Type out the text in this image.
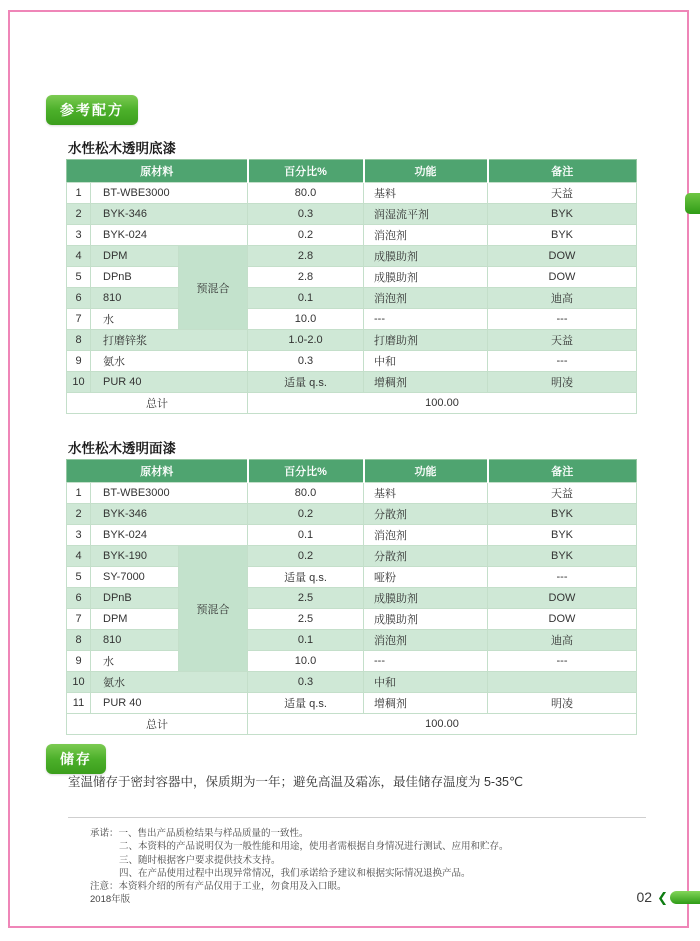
参考配方
水性松木透明底漆
原材料			百分比%	功能	备注
1	BT-WBE3000		80.0	基料	天益
2	BYK-346		0.3	润湿流平剂	BYK
3	BYK-024		0.2	消泡剂	BYK
4	DPM	预混合	2.8	成膜助剂	DOW
5	DPnB		2.8	成膜助剂	DOW
6	810		0.1	消泡剂	迪高
7	水		10.0	---	---
8	打磨锌浆		1.0-2.0	打磨助剂	天益
9	氨水		0.3	中和	---
10	PUR 40		适量 q.s.	增稠剂	明凌
总计			100.00		
水性松木透明面漆
原材料			百分比%	功能	备注
1	BT-WBE3000		80.0	基料	天益
2	BYK-346		0.2	分散剂	BYK
3	BYK-024		0.1	消泡剂	BYK
4	BYK-190	预混合	0.2	分散剂	BYK
5	SY-7000		适量 q.s.	哑粉	---
6	DPnB		2.5	成膜助剂	DOW
7	DPM		2.5	成膜助剂	DOW
8	810		0.1	消泡剂	迪高
9	水		10.0	---	---
10	氨水		0.3	中和	
11	PUR 40		适量 q.s.	增稠剂	明凌
总计			100.00		
储存
室温储存于密封容器中，保质期为一年；避免高温及霜冻，最佳储存温度为 5-35℃
承诺：一、售出产品质检结果与样品质量的一致性。
二、本资料的产品说明仅为一般性能和用途，使用者需根据自身情况进行测试、应用和贮存。
三、随时根据客户要求提供技术支持。
四、在产品使用过程中出现异常情况，我们承诺给予建议和根据实际情况退换产品。
注意：本资料介绍的所有产品仅用于工业，勿食用及入口眼。
2018年版	02 ❮
